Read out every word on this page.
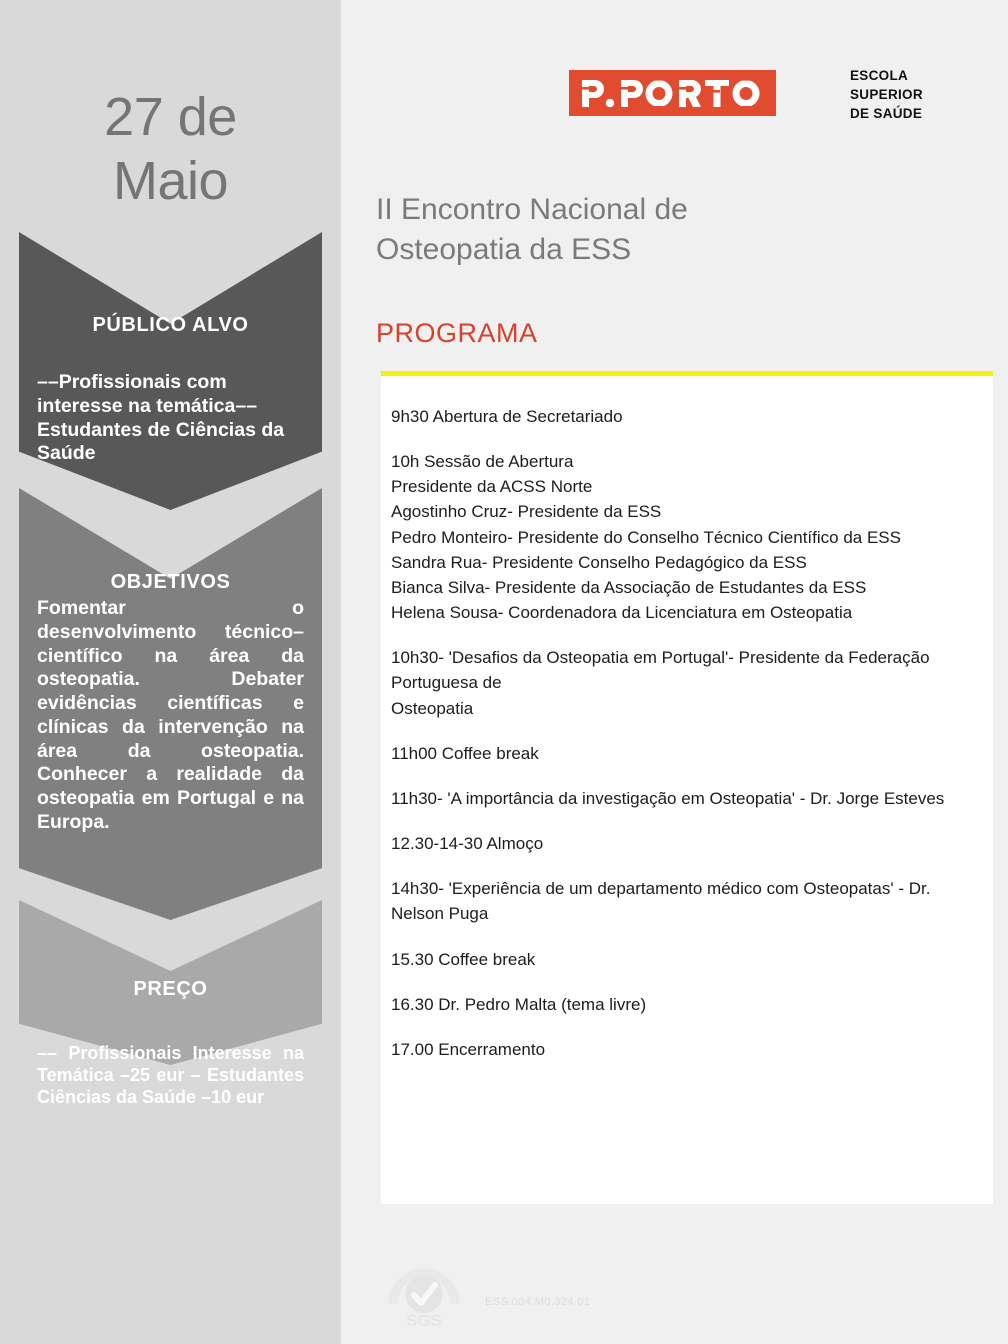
27 de
Maio
PÚBLICO ALVO
––Profissionais com interesse na temática–– Estudantes de Ciências da Saúde
OBJETIVOS
Fomentar o desenvolvimento técnico–científico na área da osteopatia. Debater evidências científicas e clínicas da intervenção na área da osteopatia. Conhecer a realidade da osteopatia em Portugal e na Europa.
PREÇO
–– Profissionais Interesse na Temática –25 eur – Estudantes Ciências da Saúde –10 eur
ESCOLA
SUPERIOR
DE SAÚDE
II Encontro Nacional de
Osteopatia da ESS
PROGRAMA
9h30 Abertura de Secretariado
10h Sessão de Abertura
Presidente da ACSS Norte
Agostinho Cruz- Presidente da ESS
Pedro Monteiro- Presidente do Conselho Técnico Científico da ESS
Sandra Rua- Presidente Conselho Pedagógico da ESS
Bianca Silva- Presidente da Associação de Estudantes da ESS
Helena Sousa- Coordenadora da Licenciatura em Osteopatia
10h30- 'Desafios da Osteopatia em Portugal'- Presidente da Federação Portuguesa de
Osteopatia
11h00 Coffee break
11h30- 'A importância da investigação em Osteopatia' - Dr. Jorge Esteves
12.30-14-30 Almoço
14h30- 'Experiência de um departamento médico com Osteopatas' - Dr. Nelson Puga
15.30 Coffee break
16.30 Dr. Pedro Malta (tema livre)
17.00 Encerramento
SGS
ESS.004.M0.324.01
